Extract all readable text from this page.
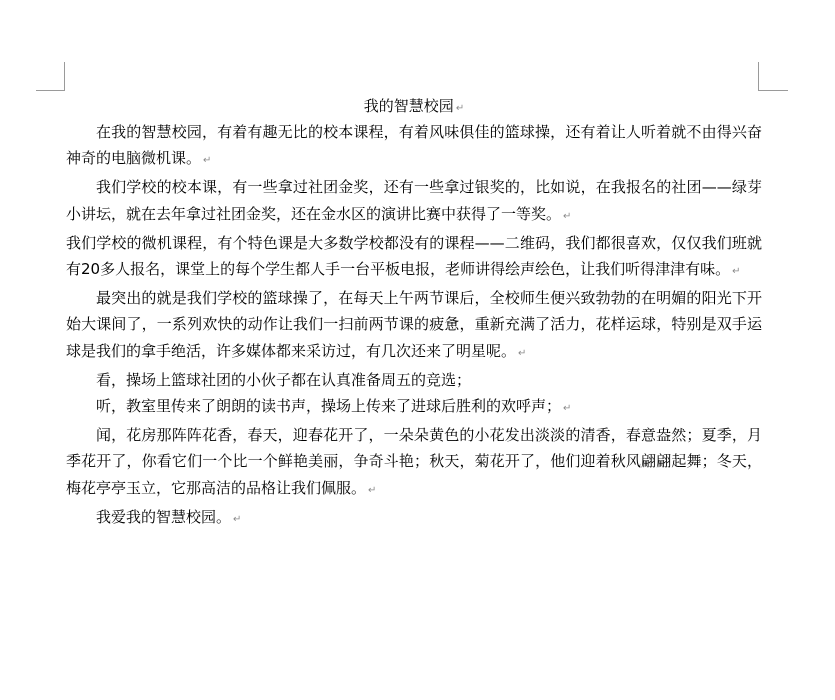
我的智慧校园 ↵

在我的智慧校园，有着有趣无比的校本课程，有着风味俱佳的篮球操，还有着让人听着就不由得兴奋神奇的电脑微机课。 ↵

我们学校的校本课，有一些拿过社团金奖，还有一些拿过银奖的，比如说，在我报名的社团——绿芽小讲坛，就在去年拿过社团金奖，还在金水区的演讲比赛中获得了一等奖。 ↵

我们学校的微机课程，有个特色课是大多数学校都没有的课程——二维码，我们都很喜欢，仅仅我们班就有20多人报名，课堂上的每个学生都人手一台平板电报，老师讲得绘声绘色，让我们听得津津有味。 ↵

最突出的就是我们学校的篮球操了，在每天上午两节课后，全校师生便兴致勃勃的在明媚的阳光下开始大课间了，一系列欢快的动作让我们一扫前两节课的疲惫，重新充满了活力，花样运球，特别是双手运球是我们的拿手绝活，许多媒体都来采访过，有几次还来了明星呢。 ↵

看，操场上篮球社团的小伙子都在认真准备周五的竞选；

听，教室里传来了朗朗的读书声，操场上传来了进球后胜利的欢呼声； ↵

闻，花房那阵阵花香，春天，迎春花开了，一朵朵黄色的小花发出淡淡的清香，春意盎然；夏季，月季花开了，你看它们一个比一个鲜艳美丽，争奇斗艳；秋天，菊花开了，他们迎着秋风翩翩起舞；冬天，梅花亭亭玉立，它那高洁的品格让我们佩服。 ↵

我爱我的智慧校园。 ↵
